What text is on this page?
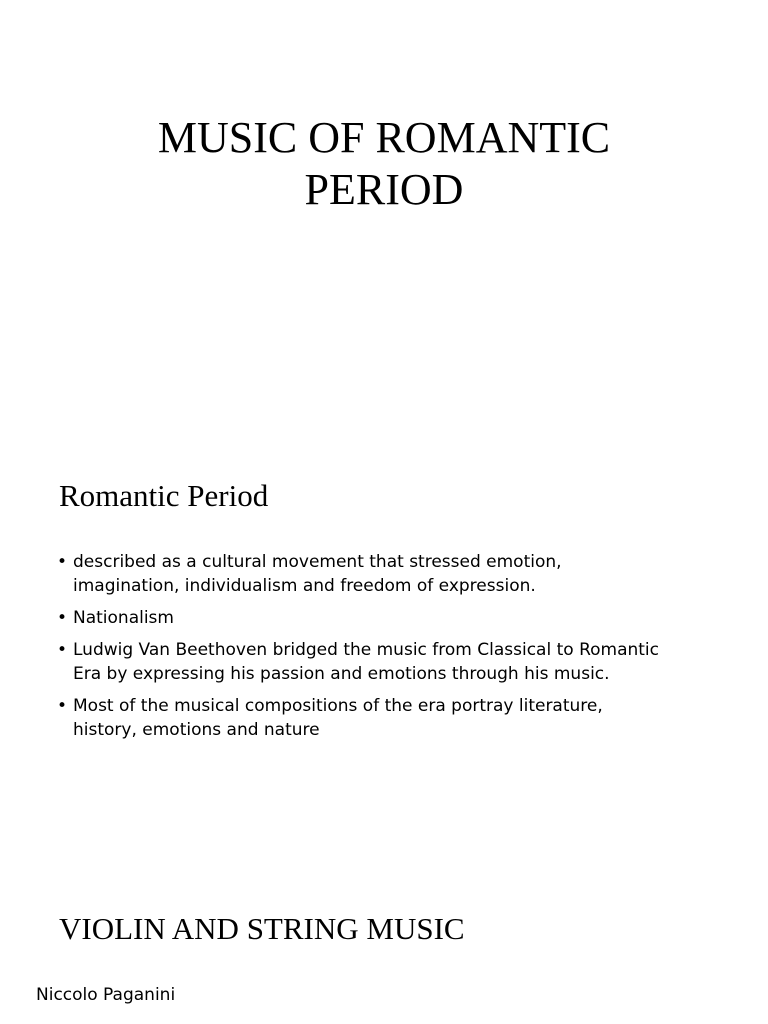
MUSIC OF ROMANTIC
PERIOD
Romantic Period
• described as a cultural movement that stressed emotion,
imagination, individualism and freedom of expression.
• Nationalism
• Ludwig Van Beethoven bridged the music from Classical to Romantic
Era by expressing his passion and emotions through his music.
• Most of the musical compositions of the era portray literature,
history, emotions and nature
VIOLIN AND STRING MUSIC

Niccolo Paganini
